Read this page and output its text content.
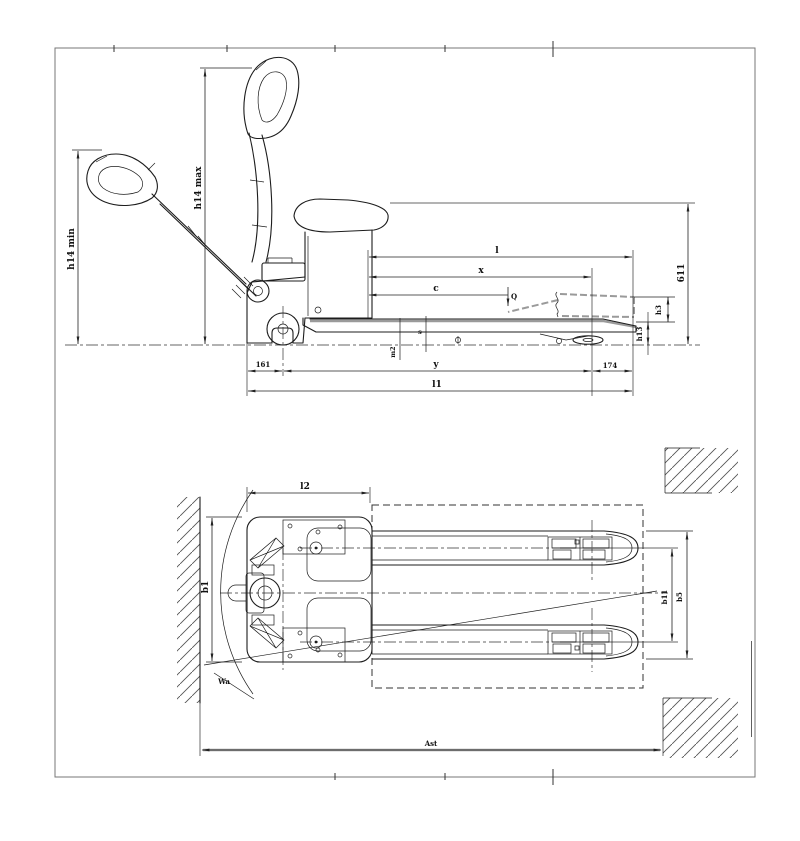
h14 min
h14 max
611
h3
h13
l
x
c
Q
s
m2
161	y	174
l1
l2
b1
b11 b5
Wa
Ast
